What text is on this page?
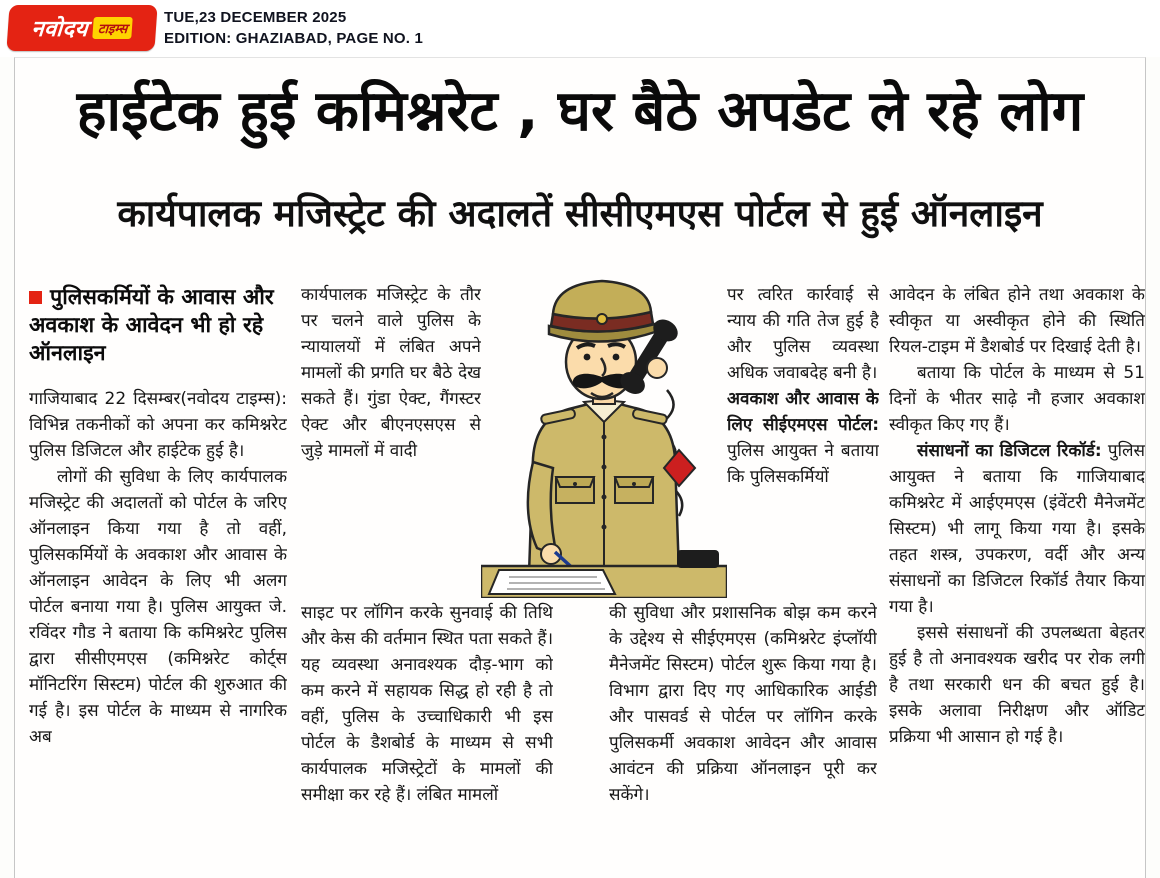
नवोदय टाइम्स
TUE,23 DECEMBER 2025
EDITION: GHAZIABAD, PAGE NO. 1
हाईटेक हुई कमिश्नरेट , घर बैठे अपडेट ले रहे लोग
कार्यपालक मजिस्ट्रेट की अदालतें सीसीएमएस पोर्टल से हुई ऑनलाइन

पुलिसकर्मियों के आवास और अवकाश के आवेदन भी हो रहे ऑनलाइन

गाजियाबाद 22 दिसम्बर(नवोदय टाइम्स): विभिन्न तकनीकों को अपना कर कमिश्नरेट पुलिस डिजिटल और हाईटेक हुई है।

लोगों की सुविधा के लिए कार्यपालक मजिस्ट्रेट की अदालतों को पोर्टल के जरिए ऑनलाइन किया गया है तो वहीं, पुलिसकर्मियों के अवकाश और आवास के ऑनलाइन आवेदन के लिए भी अलग पोर्टल बनाया गया है। पुलिस आयुक्त जे. रविंदर गौड ने बताया कि कमिश्नरेट पुलिस द्वारा सीसीएमएस (कमिश्नरेट कोर्ट्स मॉनिटरिंग सिस्टम) पोर्टल की शुरुआत की गई है। इस पोर्टल के माध्यम से नागरिक अब

कार्यपालक मजिस्ट्रेट के तौर पर चलने वाले पुलिस के न्यायालयों में लंबित अपने मामलों की प्रगति घर बैठे देख सकते हैं। गुंडा ऐक्ट, गैंगस्टर ऐक्ट और बीएनएसएस से जुड़े मामलों में वादी

पर त्वरित कार्रवाई से न्याय की गति तेज हुई है और पुलिस व्यवस्था अधिक जवाबदेह बनी है।

अवकाश और आवास के लिए सीईएमएस पोर्टल: पुलिस आयुक्त ने बताया कि पुलिसकर्मियों

साइट पर लॉगिन करके सुनवाई की तिथि और केस की वर्तमान स्थित पता सकते हैं। यह व्यवस्था अनावश्यक दौड़-भाग को कम करने में सहायक सिद्ध हो रही है तो वहीं, पुलिस के उच्चाधिकारी भी इस पोर्टल के डैशबोर्ड के माध्यम से सभी कार्यपालक मजिस्ट्रेटों के मामलों की समीक्षा कर रहे हैं। लंबित मामलों

की सुविधा और प्रशासनिक बोझ कम करने के उद्देश्य से सीईएमएस (कमिश्नरेट इंप्लॉयी मैनेजमेंट सिस्टम) पोर्टल शुरू किया गया है। विभाग द्वारा दिए गए आधिकारिक आईडी और पासवर्ड से पोर्टल पर लॉगिन करके पुलिसकर्मी अवकाश आवेदन और आवास आवंटन की प्रक्रिया ऑनलाइन पूरी कर सकेंगे।

आवेदन के लंबित होने तथा अवकाश के स्वीकृत या अस्वीकृत होने की स्थिति रियल-टाइम में डैशबोर्ड पर दिखाई देती है।

बताया कि पोर्टल के माध्यम से 51 दिनों के भीतर साढ़े नौ हजार अवकाश स्वीकृत किए गए हैं।

संसाधनों का डिजिटल रिकॉर्ड: पुलिस आयुक्त ने बताया कि गाजियाबाद कमिश्नरेट में आईएमएस (इंवेंटरी मैनेजमेंट सिस्टम) भी लागू किया गया है। इसके तहत शस्त्र, उपकरण, वर्दी और अन्य संसाधनों का डिजिटल रिकॉर्ड तैयार किया गया है।

इससे संसाधनों की उपलब्धता बेहतर हुई है तो अनावश्यक खरीद पर रोक लगी है तथा सरकारी धन की बचत हुई है। इसके अलावा निरीक्षण और ऑडिट प्रक्रिया भी आसान हो गई है।
